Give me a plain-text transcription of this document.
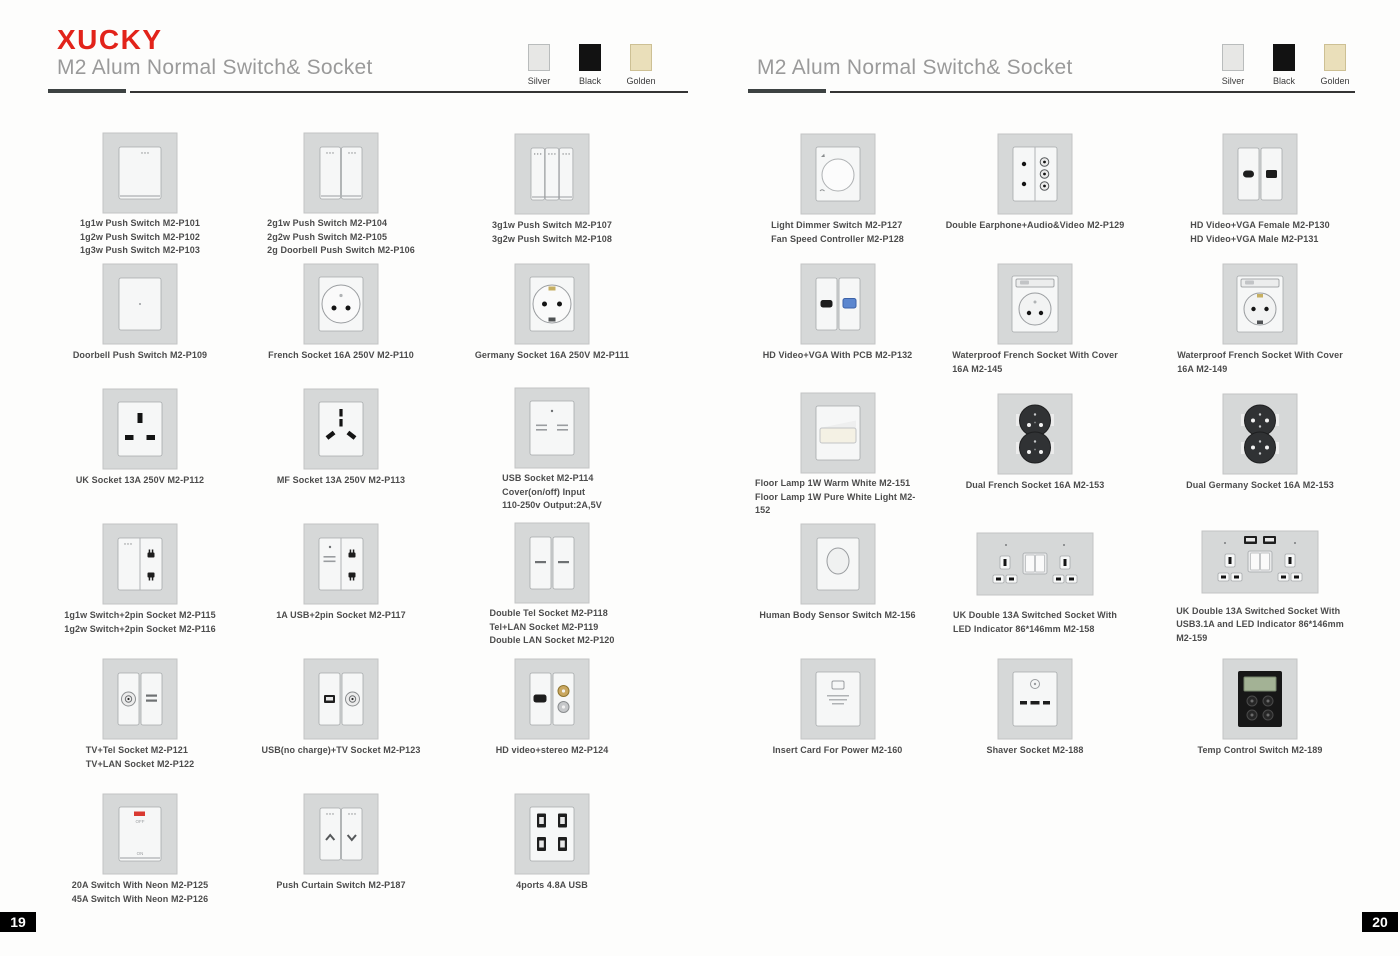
XUCKY
M2 Alum Normal Switch& Socket
Silver	Black	Golden
1g1w Push Switch M2-P101
1g2w Push Switch M2-P102
1g3w Push Switch M2-P103
2g1w Push Switch M2-P104
2g2w Push Switch M2-P105
2g Doorbell Push Switch M2-P106
3g1w Push Switch M2-P107
3g2w Push Switch M2-P108
Doorbell Push Switch M2-P109	French Socket 16A 250V M2-P110	Germany Socket 16A 250V M2-P111
UK Socket 13A 250V M2-P112	MF Socket 13A 250V M2-P113	USB Socket M2-P114
Cover(on/off) Input
110-250v Output:2A,5V
1g1w Switch+2pin Socket M2-P115
1g2w Switch+2pin Socket M2-P116
1A USB+2pin Socket M2-P117	Double Tel Socket M2-P118
Tel+LAN Socket M2-P119
Double LAN Socket M2-P120
TV+Tel Socket M2-P121
TV+LAN Socket M2-P122
USB(no charge)+TV Socket M2-P123	HD video+stereo M2-P124
OFF
ON
20A Switch With Neon M2-P125
45A Switch With Neon M2-P126
Push Curtain Switch M2-P187	4ports 4.8A USB
19
M2 Alum Normal Switch& Socket
Silver	Black	Golden
Light Dimmer Switch M2-P127
Fan Speed Controller M2-P128
Double Earphone+Audio&Video M2-P129	HD Video+VGA Female M2-P130
HD Video+VGA Male M2-P131
HD Video+VGA With PCB M2-P132	Waterproof French Socket With Cover
16A M2-145
Waterproof French Socket With Cover
16A M2-149
Floor Lamp 1W Warm White M2-151
Floor Lamp 1W Pure White Light M2-152
Dual French Socket 16A M2-153	Dual Germany Socket 16A M2-153
Human Body Sensor Switch M2-156	UK Double 13A Switched Socket With
LED Indicator 86*146mm M2-158
UK Double 13A Switched Socket With
USB3.1A and LED Indicator 86*146mm
M2-159
Insert Card For Power M2-160	Shaver Socket M2-188	Temp Control Switch M2-189
20
